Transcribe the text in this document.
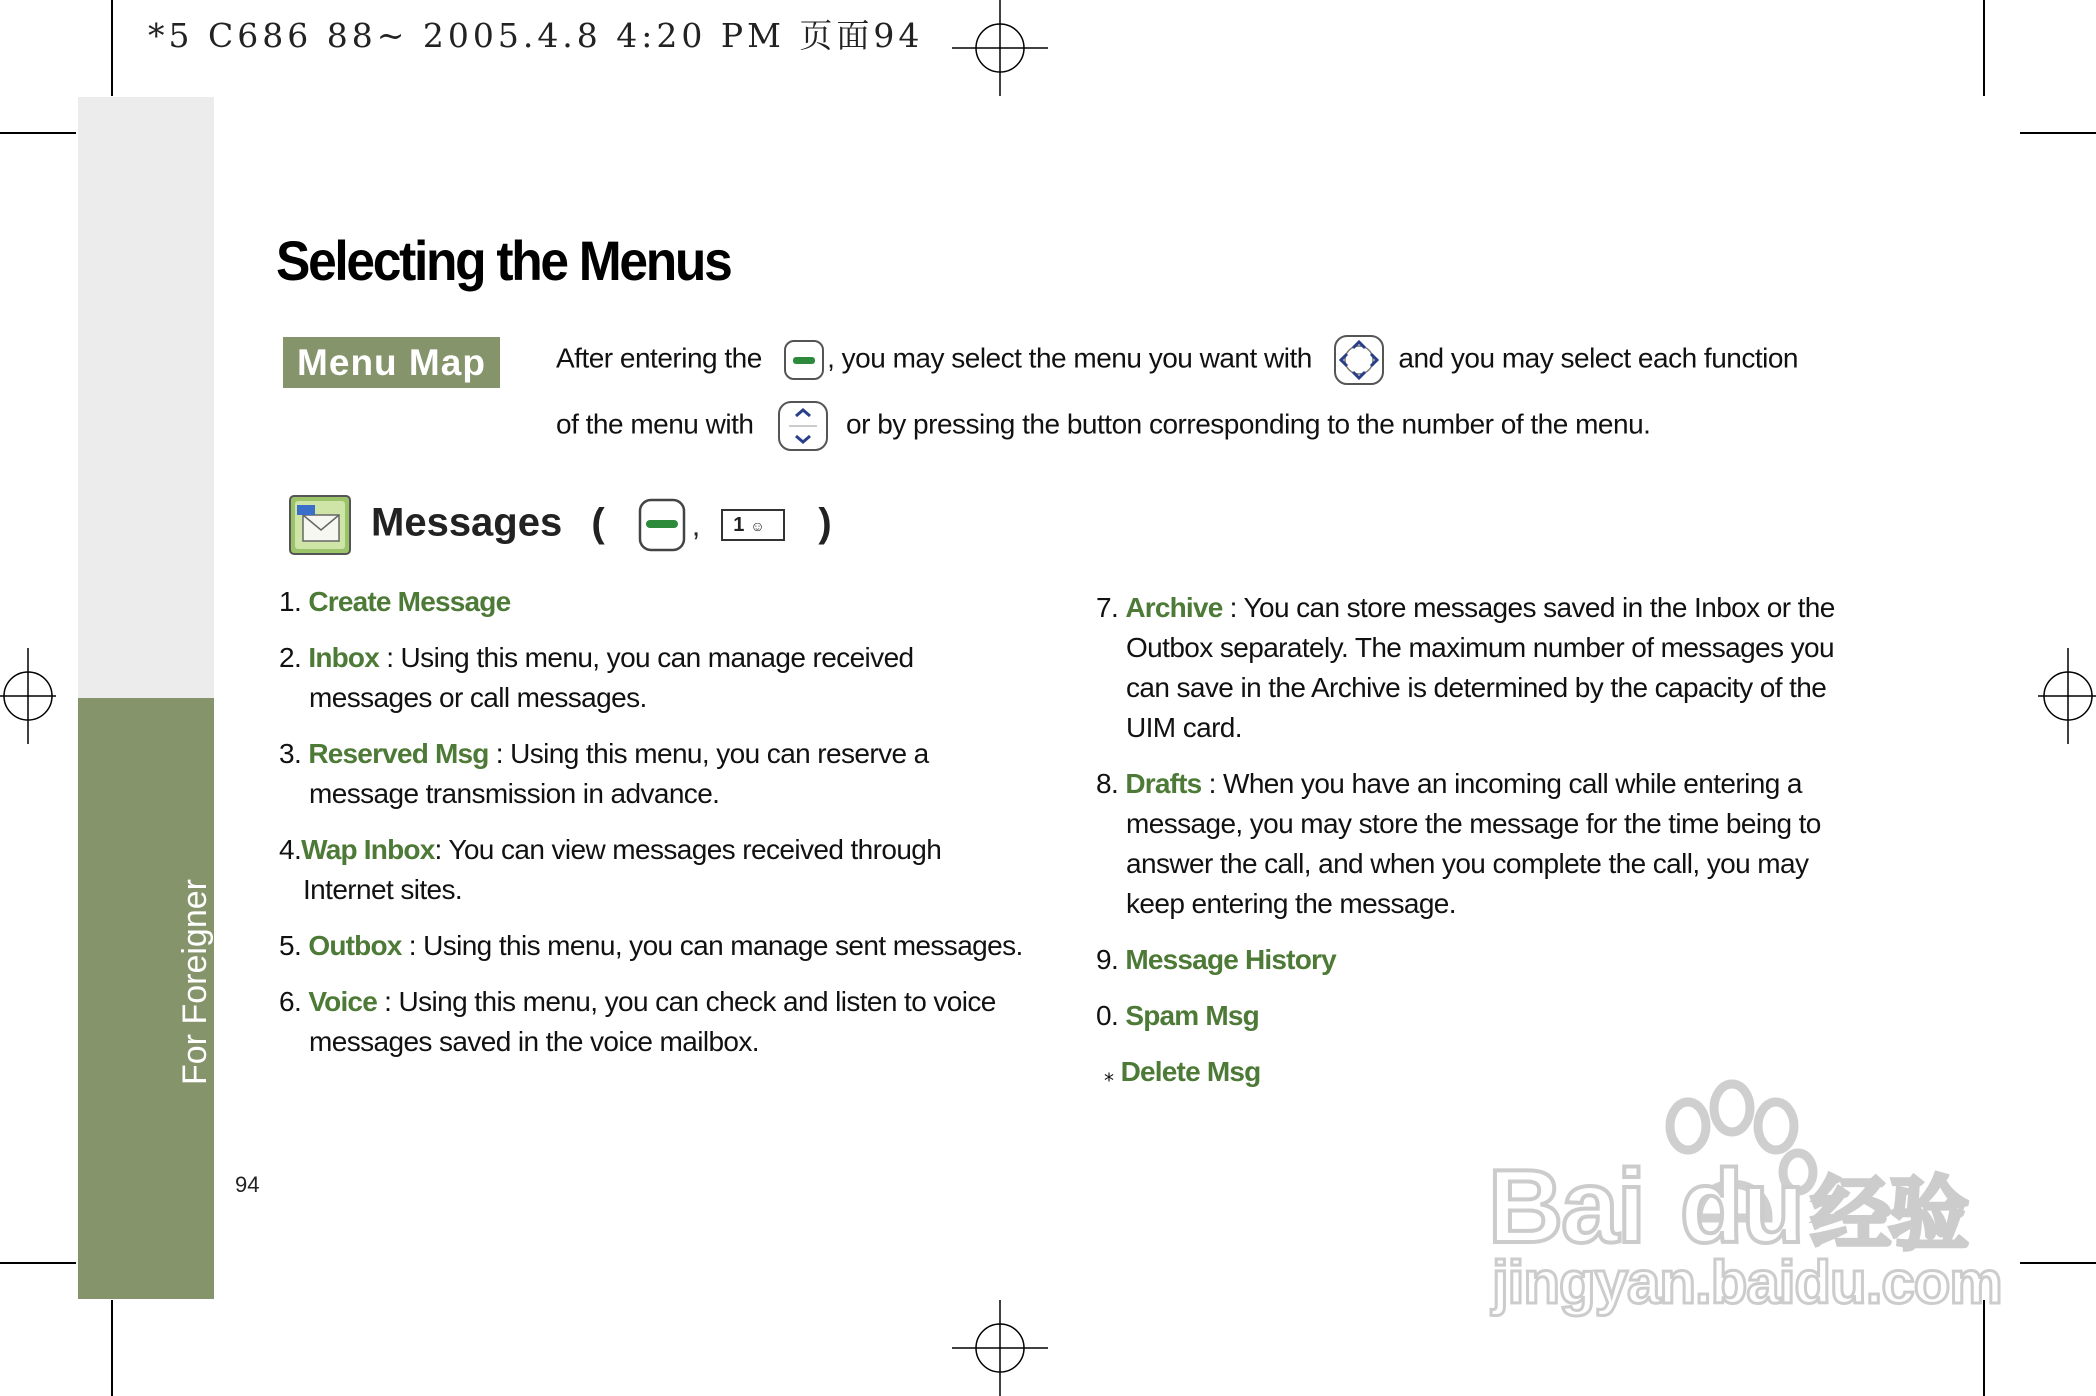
*5 C686 88~ 2005.4.8 4:20 PM 页面94
For Foreigner
94
Selecting the Menus
Menu Map	After entering the , you may select the menu you want with	and you may select each function
of the menu with	or by pressing the button corresponding to the number of the menu.
Messages (	, 1 ☺ )
1. Create Message
2. Inbox : Using this menu, you can manage received
messages or call messages.
3. Reserved Msg : Using this menu, you can reserve a
message transmission in advance.
4.Wap Inbox: You can view messages received through
Internet sites.
5. Outbox : Using this menu, you can manage sent messages.
6. Voice : Using this menu, you can check and listen to voice
messages saved in the voice mailbox.
7. Archive : You can store messages saved in the Inbox or the
Outbox separately. The maximum number of messages you
can save in the Archive is determined by the capacity of the
UIM card.
8. Drafts : When you have an incoming call while entering a
message, you may store the message for the time being to
answer the call, and when you complete the call, you may
keep entering the message.
9. Message History
0. Spam Msg
⁎ Delete Msg
Bai du 经验
jingyan.baidu.com
